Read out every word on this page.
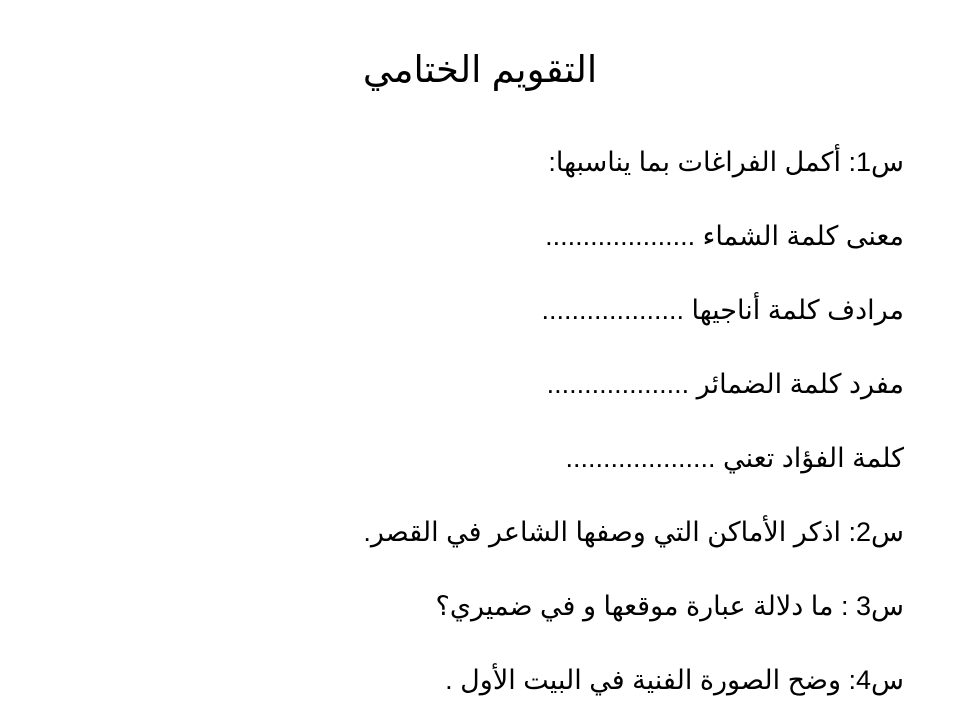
التقويم الختامي
س1: أكمل الفراغات بما يناسبها:
معنى كلمة الشماء ....................
مرادف كلمة أناجيها ...................
مفرد كلمة الضمائر ...................
كلمة الفؤاد تعني ....................
س2: اذكر الأماكن التي وصفها الشاعر في القصر.
س3 : ما دلالة عبارة موقعها و في ضميري؟
س4: وضح الصورة الفنية في البيت الأول .
